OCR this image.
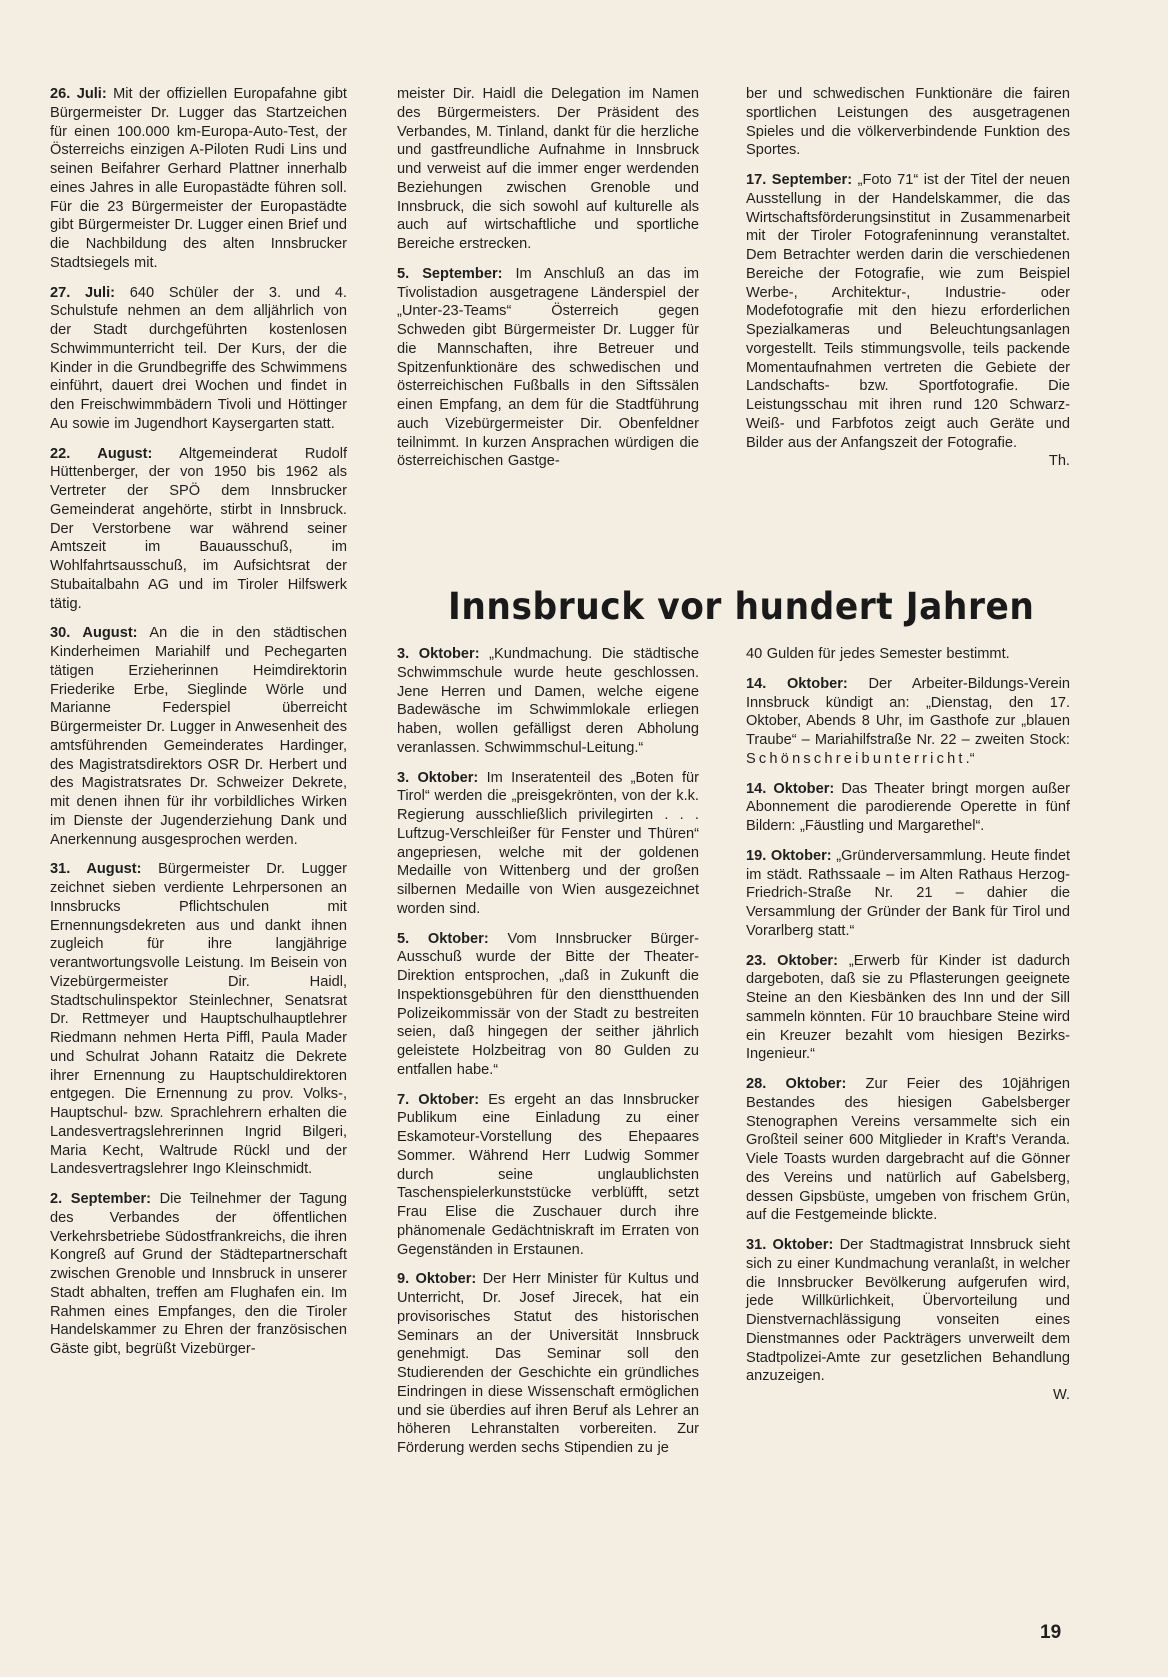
26. Juli: Mit der offiziellen Europafahne gibt Bürgermeister Dr. Lugger das Startzeichen für einen 100.000 km-Europa-Auto-Test, der Österreichs einzigen A-Piloten Rudi Lins und seinen Beifahrer Gerhard Plattner innerhalb eines Jahres in alle Europastädte führen soll. Für die 23 Bürgermeister der Europastädte gibt Bürgermeister Dr. Lugger einen Brief und die Nachbildung des alten Innsbrucker Stadtsiegels mit.

27. Juli: 640 Schüler der 3. und 4. Schulstufe nehmen an dem alljährlich von der Stadt durchgeführten kostenlosen Schwimmunterricht teil. Der Kurs, der die Kinder in die Grundbegriffe des Schwimmens einführt, dauert drei Wochen und findet in den Freischwimmbädern Tivoli und Höttinger Au sowie im Jugendhort Kaysergarten statt.

22. August: Altgemeinderat Rudolf Hüttenberger, der von 1950 bis 1962 als Vertreter der SPÖ dem Innsbrucker Gemeinderat angehörte, stirbt in Innsbruck. Der Verstorbene war während seiner Amtszeit im Bauausschuß, im Wohlfahrtsausschuß, im Aufsichtsrat der Stubaitalbahn AG und im Tiroler Hilfswerk tätig.

30. August: An die in den städtischen Kinderheimen Mariahilf und Pechegarten tätigen Erzieherinnen Heimdirektorin Friederike Erbe, Sieglinde Wörle und Marianne Federspiel überreicht Bürgermeister Dr. Lugger in Anwesenheit des amtsführenden Gemeinderates Hardinger, des Magistratsdirektors OSR Dr. Herbert und des Magistratsrates Dr. Schweizer Dekrete, mit denen ihnen für ihr vorbildliches Wirken im Dienste der Jugenderziehung Dank und Anerkennung ausgesprochen werden.

31. August: Bürgermeister Dr. Lugger zeichnet sieben verdiente Lehrpersonen an Innsbrucks Pflichtschulen mit Ernennungsdekreten aus und dankt ihnen zugleich für ihre langjährige verantwortungsvolle Leistung. Im Beisein von Vizebürgermeister Dir. Haidl, Stadtschulinspektor Steinlechner, Senatsrat Dr. Rettmeyer und Hauptschulhauptlehrer Riedmann nehmen Herta Piffl, Paula Mader und Schulrat Johann Rataitz die Dekrete ihrer Ernennung zu Hauptschuldirektoren entgegen. Die Ernennung zu prov. Volks-, Hauptschul- bzw. Sprachlehrern erhalten die Landesvertragslehrerinnen Ingrid Bilgeri, Maria Kecht, Waltrude Rückl und der Landesvertragslehrer Ingo Kleinschmidt.

2. September: Die Teilnehmer der Tagung des Verbandes der öffentlichen Verkehrsbetriebe Südostfrankreichs, die ihren Kongreß auf Grund der Städtepartnerschaft zwischen Grenoble und Innsbruck in unserer Stadt abhalten, treffen am Flughafen ein. Im Rahmen eines Empfanges, den die Tiroler Handelskammer zu Ehren der französischen Gäste gibt, begrüßt Vizebürger-

meister Dir. Haidl die Delegation im Namen des Bürgermeisters. Der Präsident des Verbandes, M. Tinland, dankt für die herzliche und gastfreundliche Aufnahme in Innsbruck und verweist auf die immer enger werdenden Beziehungen zwischen Grenoble und Innsbruck, die sich sowohl auf kulturelle als auch auf wirtschaftliche und sportliche Bereiche erstrecken.

5. September: Im Anschluß an das im Tivolistadion ausgetragene Länderspiel der „Unter-23-Teams“ Österreich gegen Schweden gibt Bürgermeister Dr. Lugger für die Mannschaften, ihre Betreuer und Spitzenfunktionäre des schwedischen und österreichischen Fußballs in den Siftssälen einen Empfang, an dem für die Stadtführung auch Vizebürgermeister Dir. Obenfeldner teilnimmt. In kurzen Ansprachen würdigen die österreichischen Gastge-

ber und schwedischen Funktionäre die fairen sportlichen Leistungen des ausgetragenen Spieles und die völkerverbindende Funktion des Sportes.

17. September: „Foto 71“ ist der Titel der neuen Ausstellung in der Handelskammer, die das Wirtschaftsförderungsinstitut in Zusammenarbeit mit der Tiroler Fotografeninnung veranstaltet. Dem Betrachter werden darin die verschiedenen Bereiche der Fotografie, wie zum Beispiel Werbe-, Architektur-, Industrie- oder Modefotografie mit den hiezu erforderlichen Spezialkameras und Beleuchtungsanlagen vorgestellt. Teils stimmungsvolle, teils packende Momentaufnahmen vertreten die Gebiete der Landschafts- bzw. Sportfotografie. Die Leistungsschau mit ihren rund 120 Schwarz-Weiß- und Farbfotos zeigt auch Geräte und Bilder aus der Anfangszeit der Fotografie.
Th.

Innsbruck vor hundert Jahren

3. Oktober: „Kundmachung. Die städtische Schwimmschule wurde heute geschlossen. Jene Herren und Damen, welche eigene Badewäsche im Schwimmlokale erliegen haben, wollen gefälligst deren Abholung veranlassen. Schwimmschul-Leitung.“

3. Oktober: Im Inseratenteil des „Boten für Tirol“ werden die „preisgekrönten, von der k.k. Regierung ausschließlich privilegirten . . . Luftzug-Verschleißer für Fenster und Thüren“ angepriesen, welche mit der goldenen Medaille von Wittenberg und der großen silbernen Medaille von Wien ausgezeichnet worden sind.

5. Oktober: Vom Innsbrucker Bürger-Ausschuß wurde der Bitte der Theater-Direktion entsprochen, „daß in Zukunft die Inspektionsgebühren für den dienstthuenden Polizeikommissär von der Stadt zu bestreiten seien, daß hingegen der seither jährlich geleistete Holzbeitrag von 80 Gulden zu entfallen habe.“

7. Oktober: Es ergeht an das Innsbrucker Publikum eine Einladung zu einer Eskamoteur-Vorstellung des Ehepaares Sommer. Während Herr Ludwig Sommer durch seine unglaublichsten Taschenspielerkunststücke verblüfft, setzt Frau Elise die Zuschauer durch ihre phänomenale Gedächtniskraft im Erraten von Gegenständen in Erstaunen.

9. Oktober: Der Herr Minister für Kultus und Unterricht, Dr. Josef Jirecek, hat ein provisorisches Statut des historischen Seminars an der Universität Innsbruck genehmigt. Das Seminar soll den Studierenden der Geschichte ein gründliches Eindringen in diese Wissenschaft ermöglichen und sie überdies auf ihren Beruf als Lehrer an höheren Lehranstalten vorbereiten. Zur Förderung werden sechs Stipendien zu je

40 Gulden für jedes Semester bestimmt.

14. Oktober: Der Arbeiter-Bildungs-Verein Innsbruck kündigt an: „Dienstag, den 17. Oktober, Abends 8 Uhr, im Gasthofe zur „blauen Traube“ – Mariahilfstraße Nr. 22 – zweiten Stock: Schönschreibunterricht.“

14. Oktober: Das Theater bringt morgen außer Abonnement die parodierende Operette in fünf Bildern: „Fäustling und Margarethel“.

19. Oktober: „Gründerversammlung. Heute findet im städt. Rathssaale – im Alten Rathaus Herzog-Friedrich-Straße Nr. 21 – dahier die Versammlung der Gründer der Bank für Tirol und Vorarlberg statt.“

23. Oktober: „Erwerb für Kinder ist dadurch dargeboten, daß sie zu Pflasterungen geeignete Steine an den Kiesbänken des Inn und der Sill sammeln könnten. Für 10 brauchbare Steine wird ein Kreuzer bezahlt vom hiesigen Bezirks-Ingenieur.“

28. Oktober: Zur Feier des 10jährigen Bestandes des hiesigen Gabelsberger Stenographen Vereins versammelte sich ein Großteil seiner 600 Mitglieder in Kraft's Veranda. Viele Toasts wurden dargebracht auf die Gönner des Vereins und natürlich auf Gabelsberg, dessen Gipsbüste, umgeben von frischem Grün, auf die Festgemeinde blickte.

31. Oktober: Der Stadtmagistrat Innsbruck sieht sich zu einer Kundmachung veranlaßt, in welcher die Innsbrucker Bevölkerung aufgerufen wird, jede Willkürlichkeit, Übervorteilung und Dienstvernachlässigung vonseiten eines Dienstmannes oder Packträgers unverweilt dem Stadtpolizei-Amte zur gesetzlichen Behandlung anzuzeigen.
W.

19
